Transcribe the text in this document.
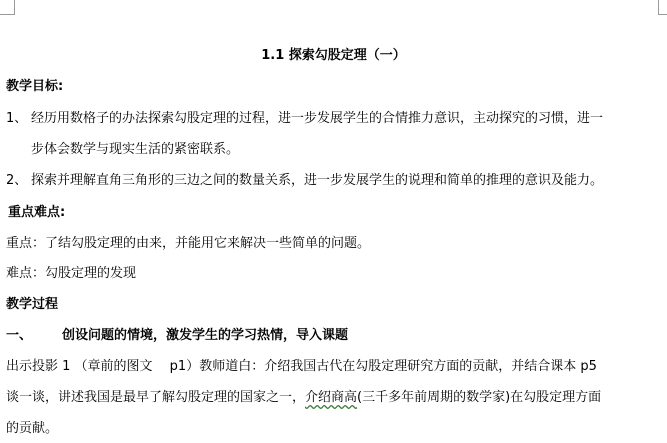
1.1 探索勾股定理（一）
教学目标:
1、 经历用数格子的办法探索勾股定理的过程，进一步发展学生的合情推力意识，主动探究的习惯，进一
步体会数学与现实生活的紧密联系。
2、 探索并理解直角三角形的三边之间的数量关系，进一步发展学生的说理和简单的推理的意识及能力。
重点难点:
重点：了结勾股定理的由来，并能用它来解决一些简单的问题。
难点：勾股定理的发现
教学过程
一、 创设问题的情境，激发学生的学习热情，导入课题
出示投影 1 （章前的图文　 p1）教师道白：介绍我国古代在勾股定理研究方面的贡献，并结合课本 p5
谈一谈，讲述我国是最早了解勾股定理的国家之一，介绍商高(三千多年前周期的数学家)在勾股定理方面
的贡献。
